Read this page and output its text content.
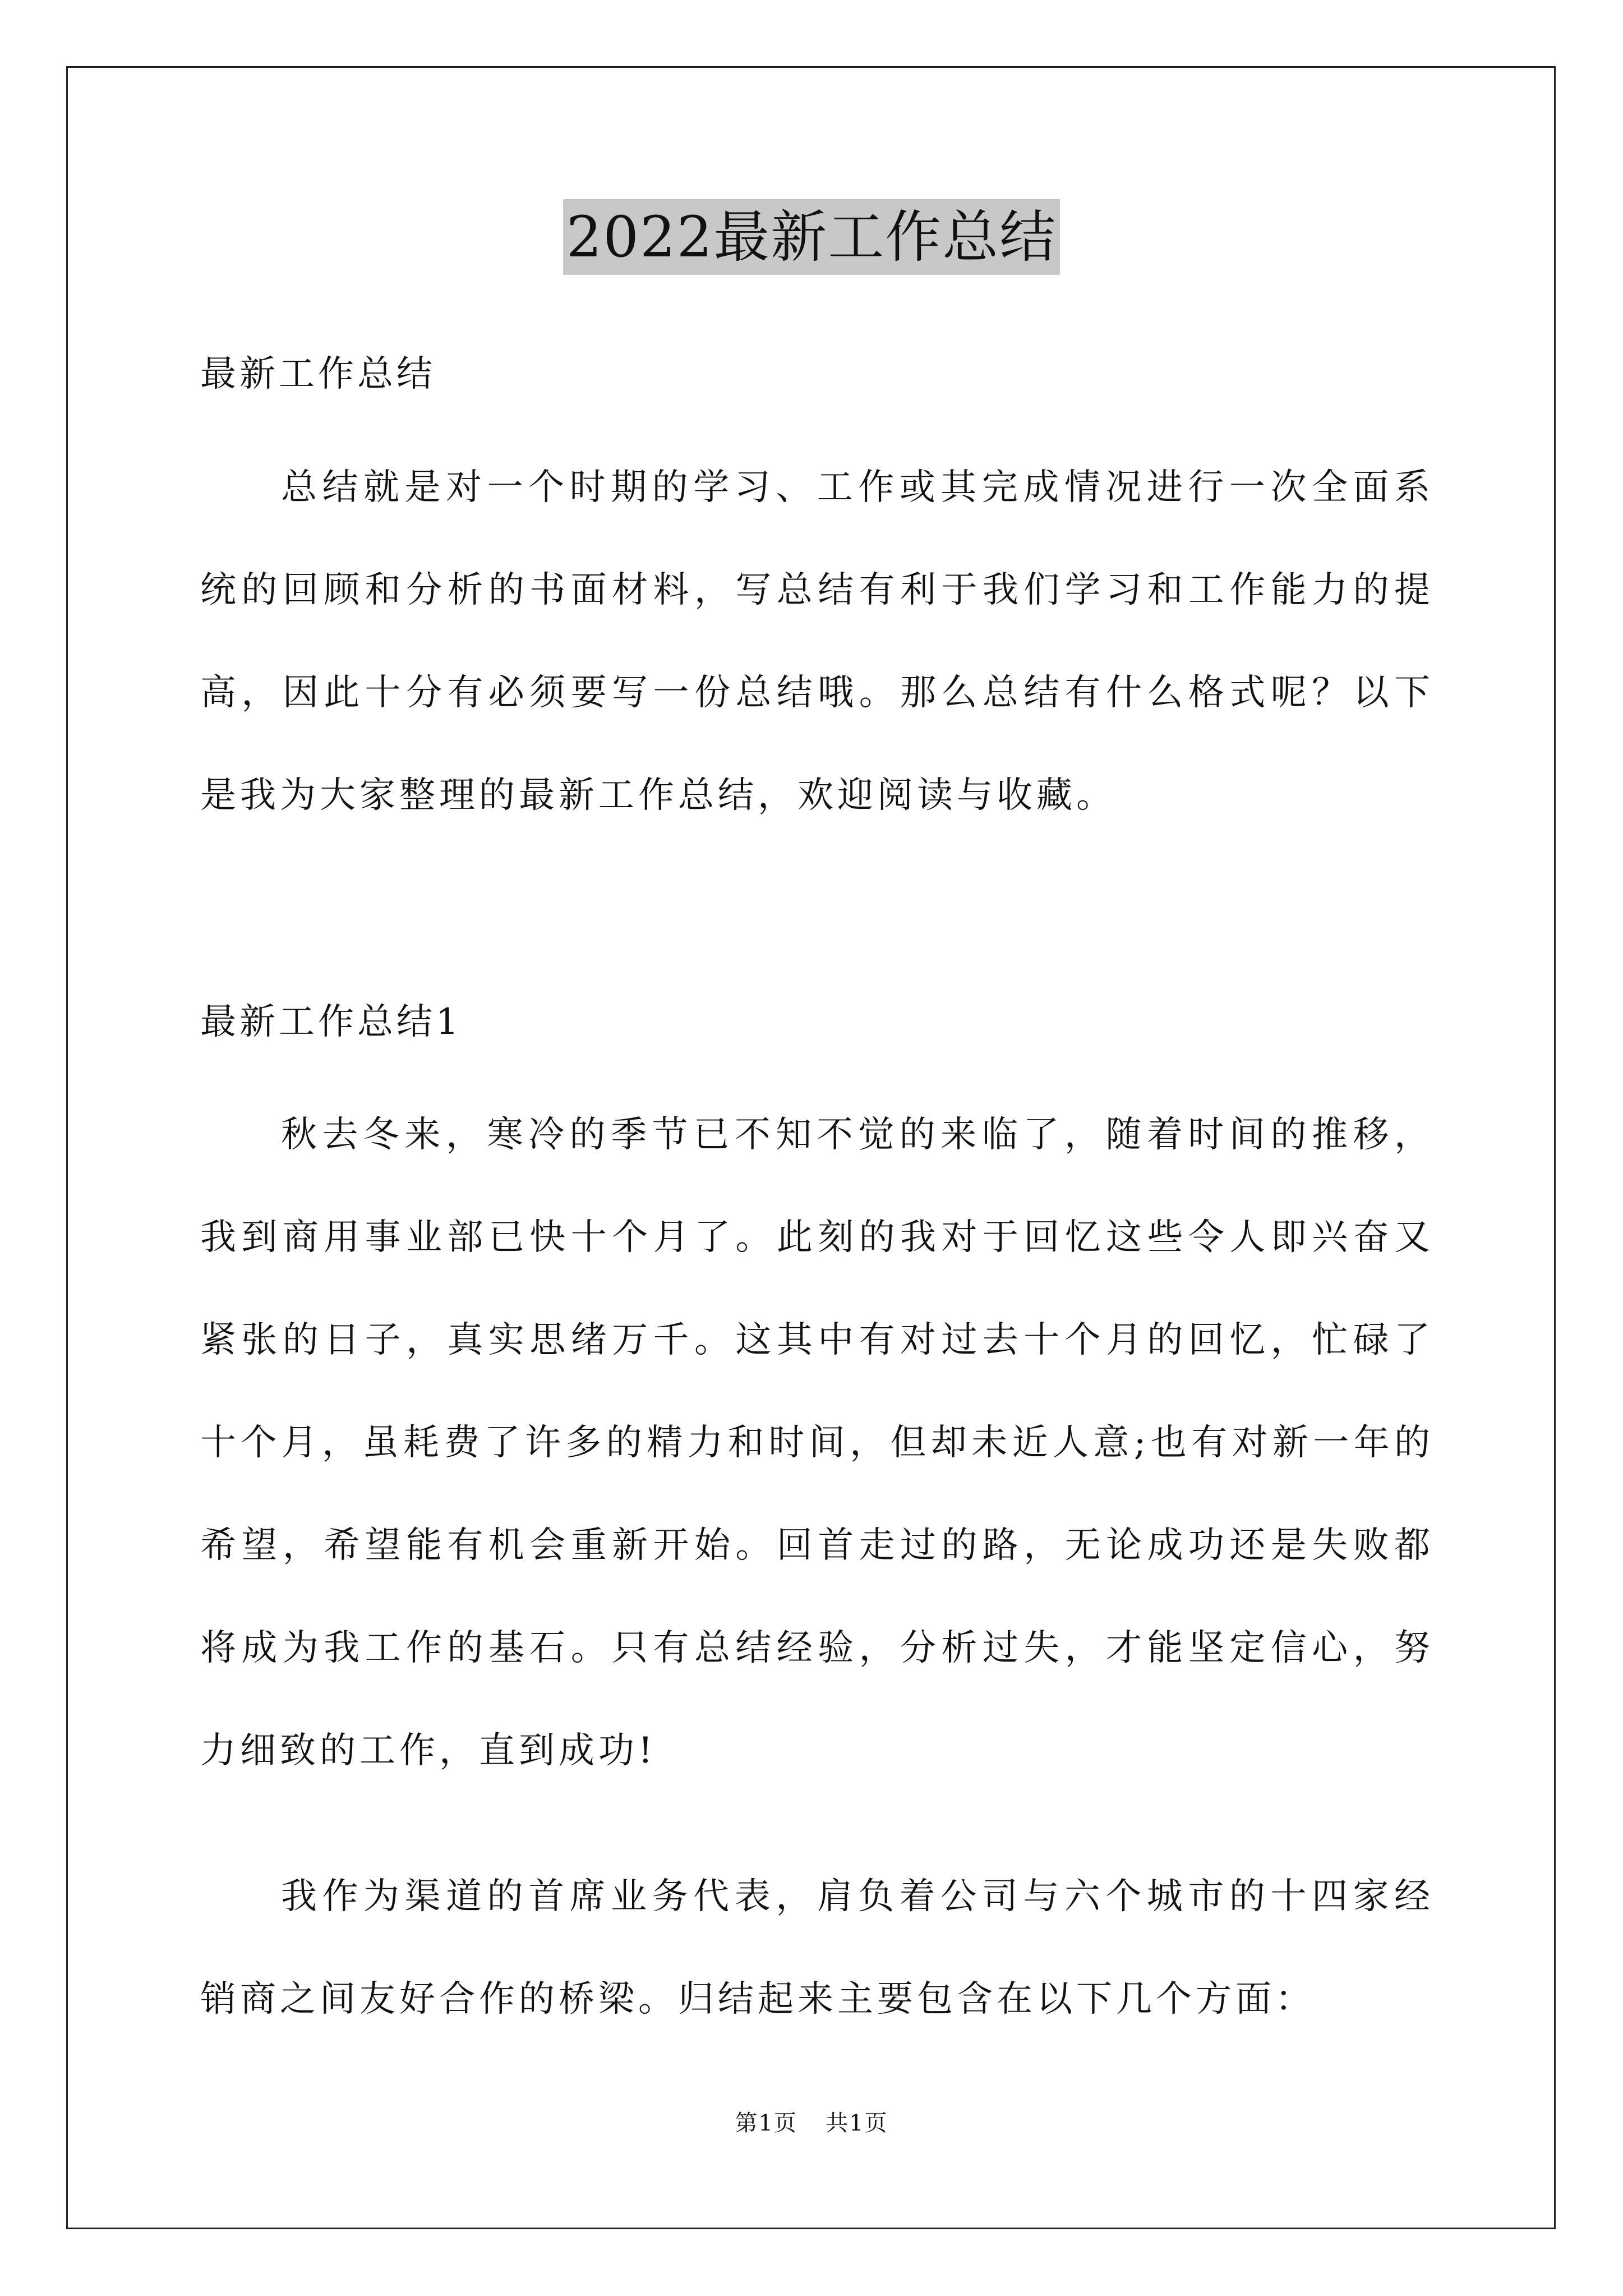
2022最新工作总结

最新工作总结

总结就是对一个时期的学习、工作或其完成情况进行一次全面系统的回顾和分析的书面材料，写总结有利于我们学习和工作能力的提高，因此十分有必须要写一份总结哦。那么总结有什么格式呢？以下是我为大家整理的最新工作总结，欢迎阅读与收藏。

最新工作总结1

秋去冬来，寒冷的季节已不知不觉的来临了，随着时间的推移，我到商用事业部已快十个月了。此刻的我对于回忆这些令人即兴奋又紧张的日子，真实思绪万千。这其中有对过去十个月的回忆，忙碌了十个月，虽耗费了许多的精力和时间，但却未近人意;也有对新一年的希望，希望能有机会重新开始。回首走过的路，无论成功还是失败都将成为我工作的基石。只有总结经验，分析过失，才能坚定信心，努力细致的工作，直到成功!

我作为渠道的首席业务代表，肩负着公司与六个城市的十四家经销商之间友好合作的桥梁。归结起来主要包含在以下几个方面：

第1页 共1页
